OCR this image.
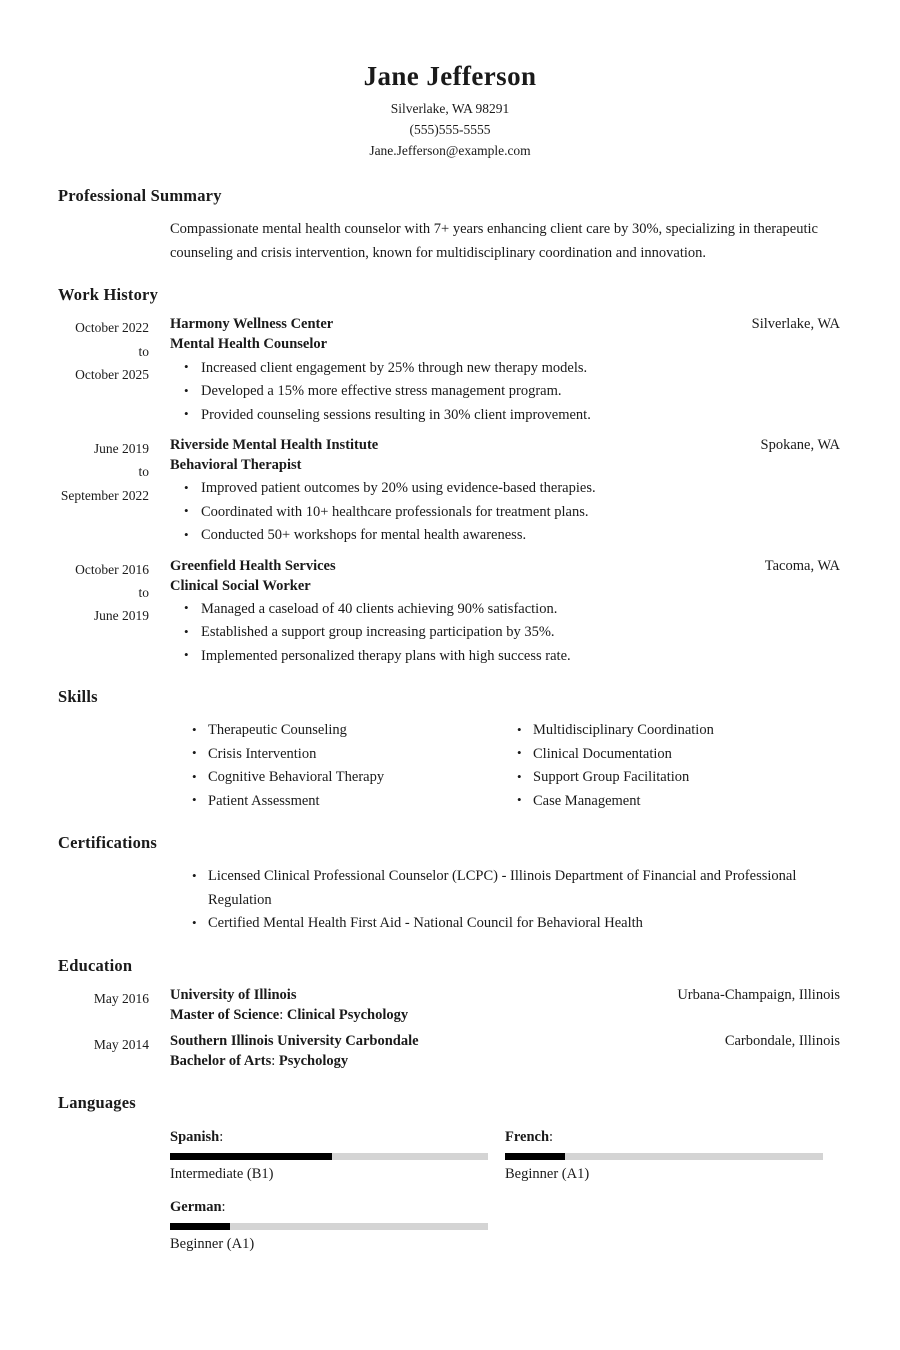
Jane Jefferson
Silverlake, WA 98291
(555)555-5555
Jane.Jefferson@example.com
Professional Summary

Compassionate mental health counselor with 7+ years enhancing client care by 30%, specializing in therapeutic counseling and crisis intervention, known for multidisciplinary coordination and innovation.

Work History
October 2022
to
October 2025
Harmony Wellness Center	Silverlake, WA
Mental Health Counselor
• Increased client engagement by 25% through new therapy models.
• Developed a 15% more effective stress management program.
• Provided counseling sessions resulting in 30% client improvement.
June 2019
to
September 2022
Riverside Mental Health Institute	Spokane, WA
Behavioral Therapist
• Improved patient outcomes by 20% using evidence-based therapies.
• Coordinated with 10+ healthcare professionals for treatment plans.
• Conducted 50+ workshops for mental health awareness.
October 2016
to
June 2019
Greenfield Health Services	Tacoma, WA
Clinical Social Worker
• Managed a caseload of 40 clients achieving 90% satisfaction.
• Established a support group increasing participation by 35%.
• Implemented personalized therapy plans with high success rate.
Skills
• Therapeutic Counseling
• Crisis Intervention
• Cognitive Behavioral Therapy
• Patient Assessment
• Multidisciplinary Coordination
• Clinical Documentation
• Support Group Facilitation
• Case Management
Certifications
• Licensed Clinical Professional Counselor (LCPC) - Illinois Department of Financial and Professional Regulation
• Certified Mental Health First Aid - National Council for Behavioral Health
Education
May 2016 University of Illinois	Urbana-Champaign, Illinois
Master of Science: Clinical Psychology
May 2014 Southern Illinois University Carbondale	Carbondale, Illinois
Bachelor of Arts: Psychology
Languages
Spanish:
Intermediate (B1)
French:
Beginner (A1)
German:
Beginner (A1)
